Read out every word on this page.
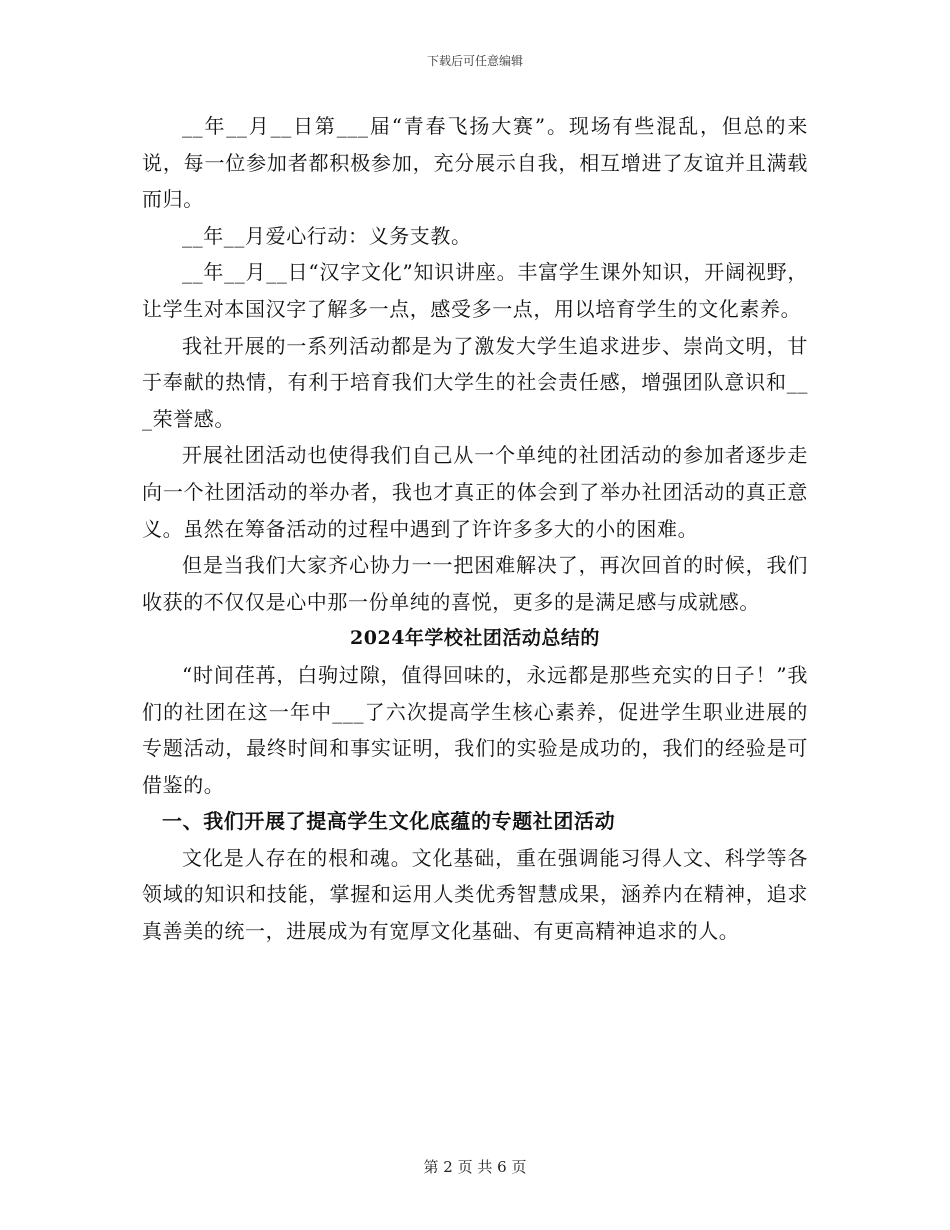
下载后可任意编辑

__年__月__日第___届“青春飞扬大赛”。现场有些混乱，但总的来说，每一位参加者都积极参加，充分展示自我，相互增进了友谊并且满载而归。

__年__月爱心行动：义务支教。

__年__月__日“汉字文化”知识讲座。丰富学生课外知识，开阔视野，让学生对本国汉字了解多一点，感受多一点，用以培育学生的文化素养。

我社开展的一系列活动都是为了激发大学生追求进步、崇尚文明，甘于奉献的热情，有利于培育我们大学生的社会责任感，增强团队意识和___荣誉感。

开展社团活动也使得我们自己从一个单纯的社团活动的参加者逐步走向一个社团活动的举办者，我也才真正的体会到了举办社团活动的真正意义。虽然在筹备活动的过程中遇到了许许多多大的小的困难。

但是当我们大家齐心协力一一把困难解决了，再次回首的时候，我们收获的不仅仅是心中那一份单纯的喜悦，更多的是满足感与成就感。

2024年学校社团活动总结的

“时间荏苒，白驹过隙，值得回味的，永远都是那些充实的日子！”我们的社团在这一年中___了六次提高学生核心素养，促进学生职业进展的专题活动，最终时间和事实证明，我们的实验是成功的，我们的经验是可借鉴的。

一、我们开展了提高学生文化底蕴的专题社团活动

文化是人存在的根和魂。文化基础，重在强调能习得人文、科学等各领域的知识和技能，掌握和运用人类优秀智慧成果，涵养内在精神，追求真善美的统一，进展成为有宽厚文化基础、有更高精神追求的人。

第 2 页 共 6 页
